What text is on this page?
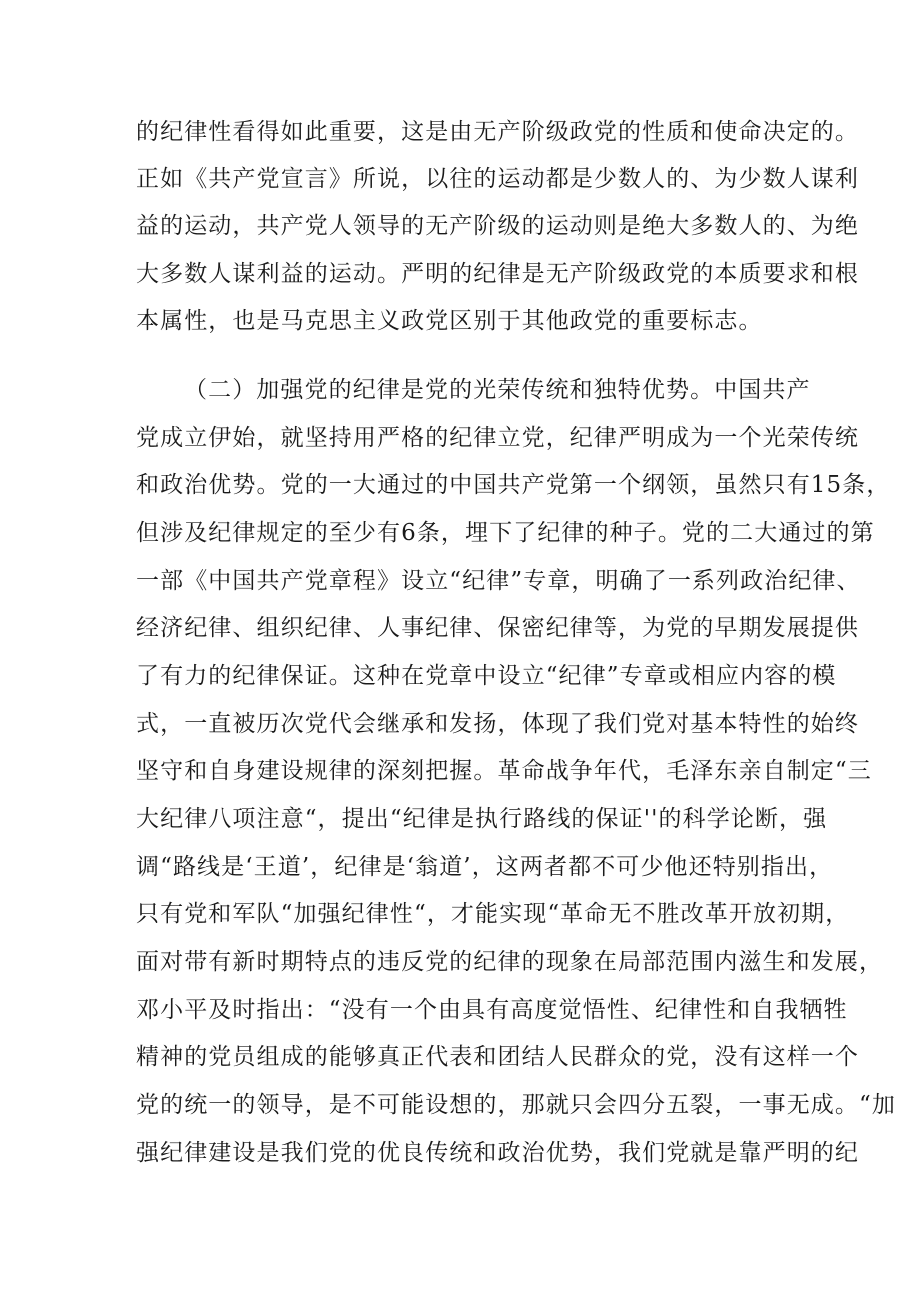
的纪律性看得如此重要，这是由无产阶级政党的性质和使命决定的。
正如《共产党宣言》所说，以往的运动都是少数人的、为少数人谋利
益的运动，共产党人领导的无产阶级的运动则是绝大多数人的、为绝
大多数人谋利益的运动。严明的纪律是无产阶级政党的本质要求和根
本属性，也是马克思主义政党区别于其他政党的重要标志。
（二）加强党的纪律是党的光荣传统和独特优势。中国共产
党成立伊始，就坚持用严格的纪律立党，纪律严明成为一个光荣传统
和政治优势。党的一大通过的中国共产党第一个纲领，虽然只有15条，
但涉及纪律规定的至少有6条，埋下了纪律的种子。党的二大通过的第
一部《中国共产党章程》设立“纪律”专章，明确了一系列政治纪律、
经济纪律、组织纪律、人事纪律、保密纪律等，为党的早期发展提供
了有力的纪律保证。这种在党章中设立“纪律”专章或相应内容的模
式，一直被历次党代会继承和发扬，体现了我们党对基本特性的始终
坚守和自身建设规律的深刻把握。革命战争年代，毛泽东亲自制定“三
大纪律八项注意“，提出“纪律是执行路线的保证''的科学论断，强
调“路线是‘王道’，纪律是‘翁道’，这两者都不可少他还特别指出，
只有党和军队“加强纪律性“，才能实现“革命无不胜改革开放初期，
面对带有新时期特点的违反党的纪律的现象在局部范围内滋生和发展，
邓小平及时指出：“没有一个由具有高度觉悟性、纪律性和自我牺牲
精神的党员组成的能够真正代表和团结人民群众的党，没有这样一个
党的统一的领导，是不可能设想的，那就只会四分五裂，一事无成。“加
强纪律建设是我们党的优良传统和政治优势，我们党就是靠严明的纪
